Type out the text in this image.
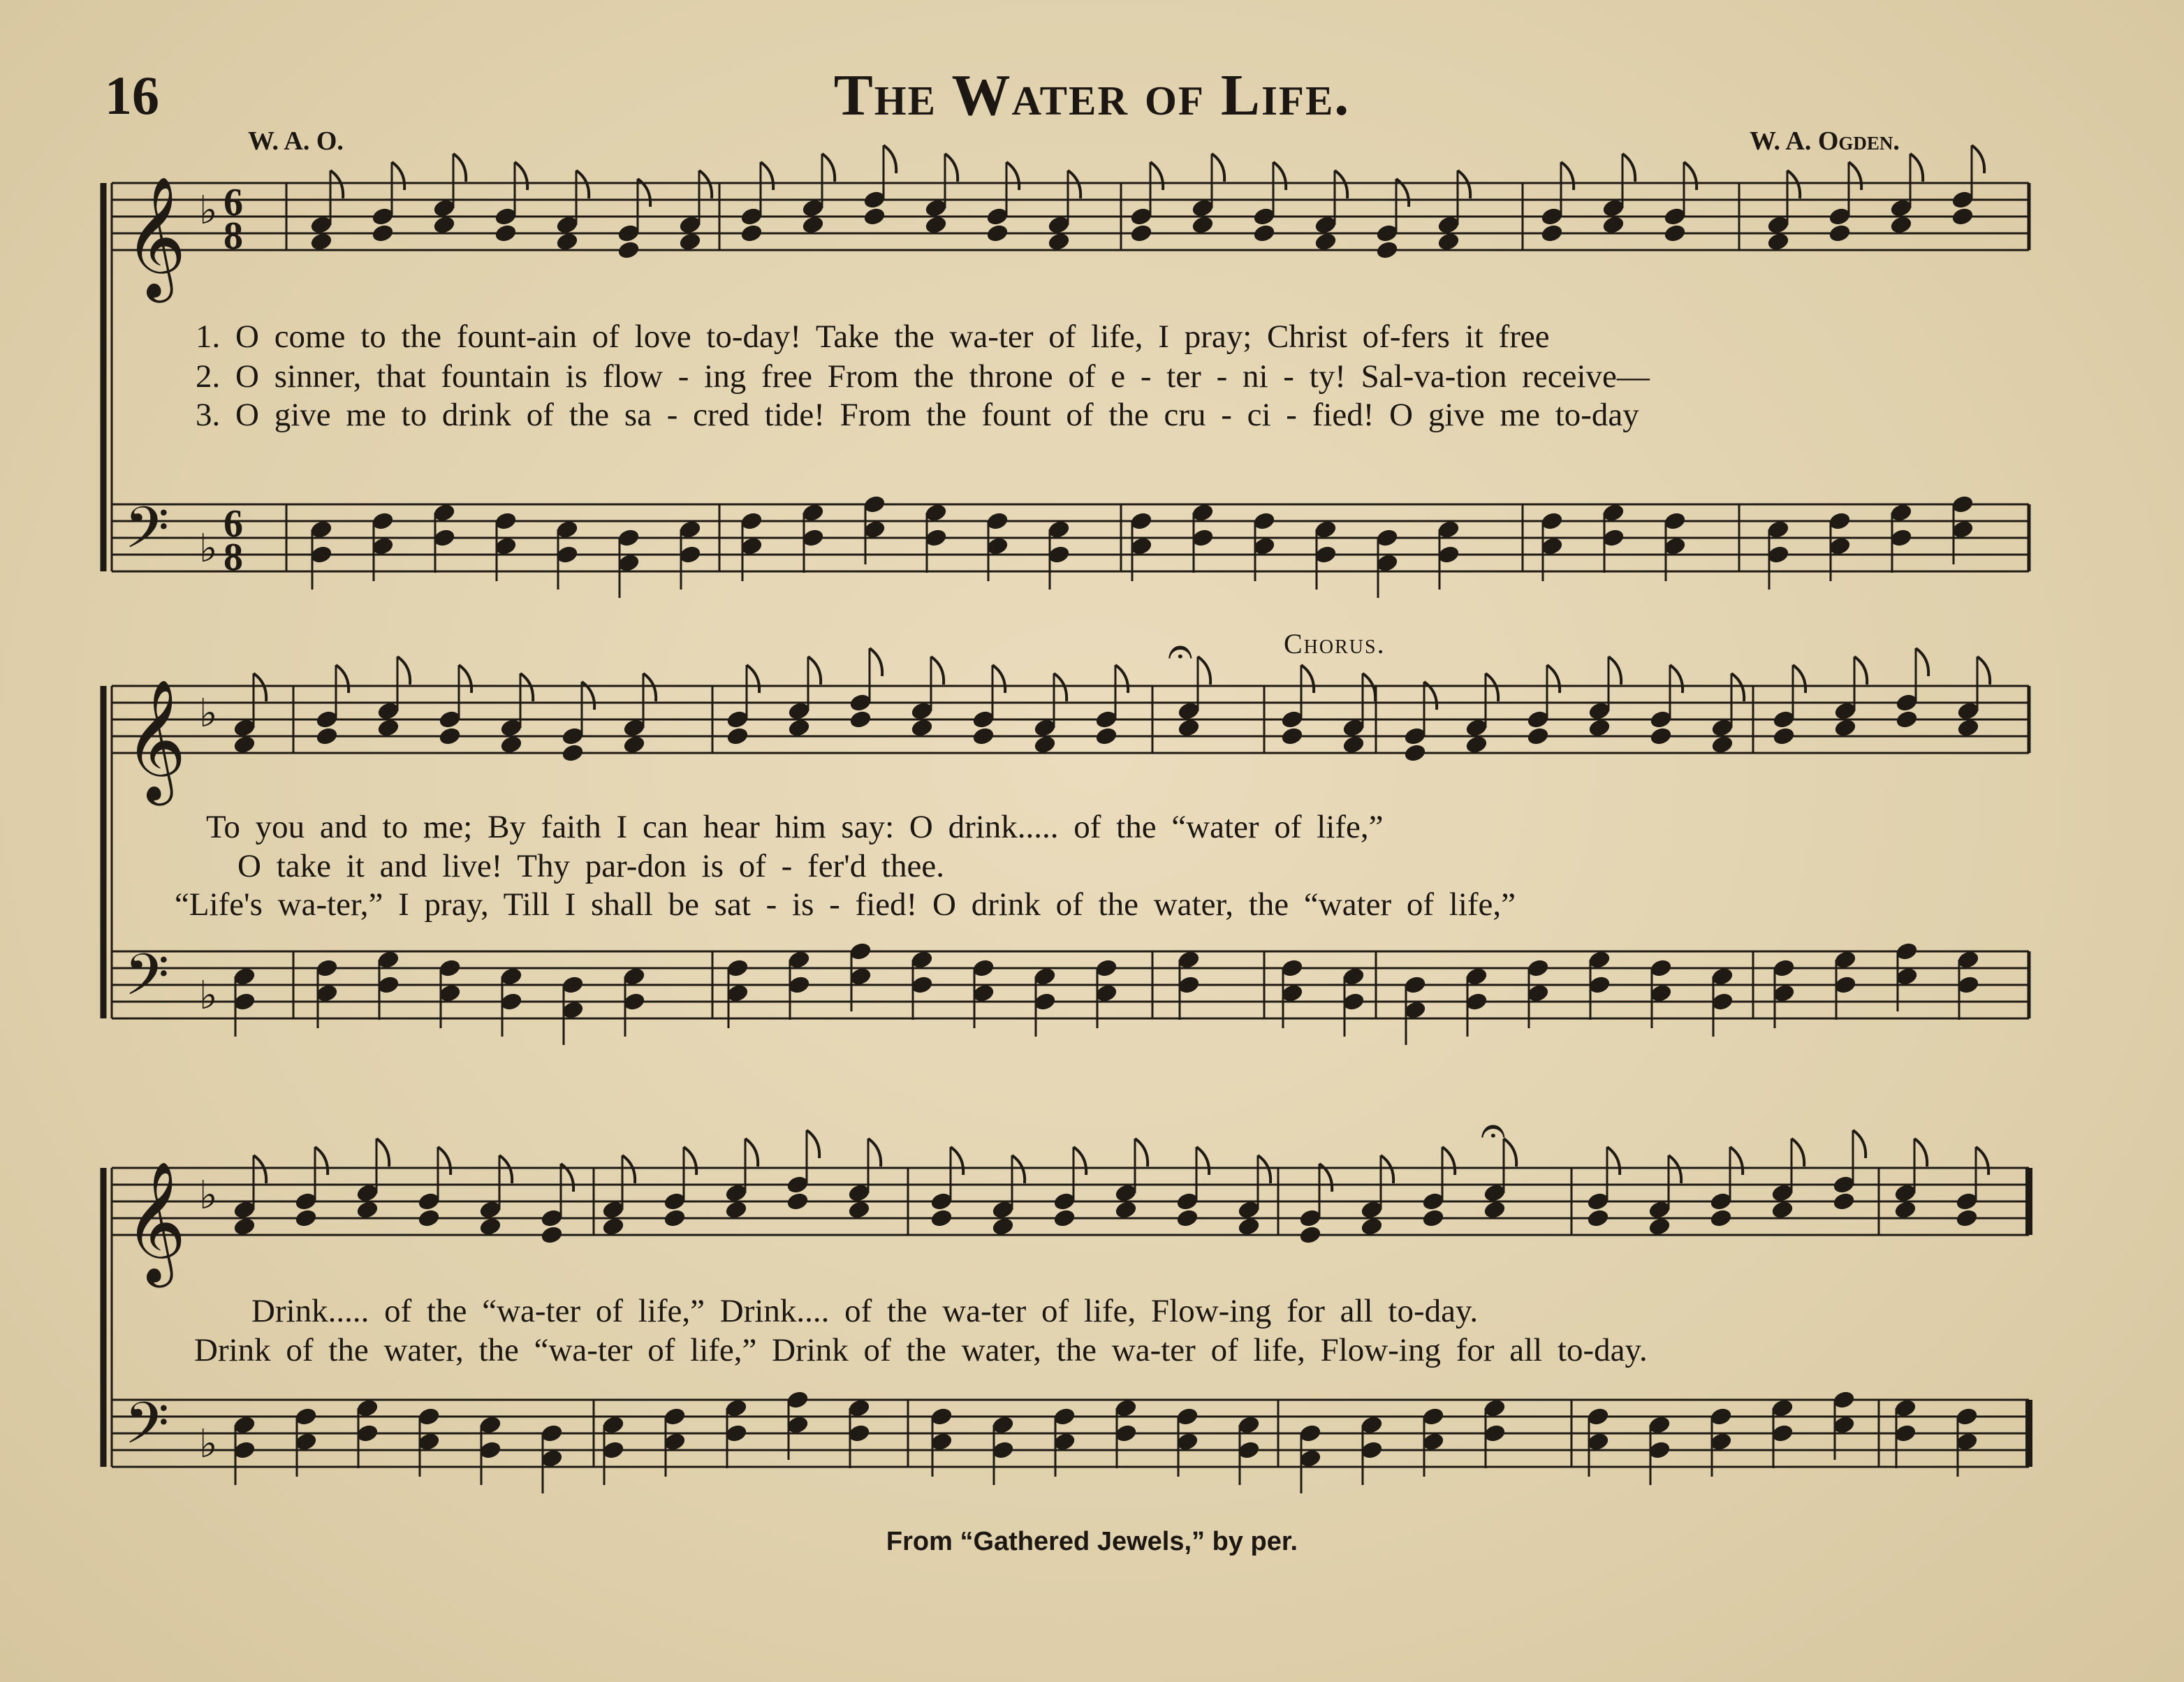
16	The Water of Life.
W. A. O.	W. A. Ogden.
Chorus.
𝄞
𝄢
♭
♭
6
8
6
8
𝄞
𝄢
♭
♭
𝄞
𝄢
♭
♭
𝄐
𝄐
1. O come to the fount-ain of love to-day! Take the wa-ter of life, I pray; Christ of-fers it free
2. O sinner, that fountain is flow - ing free From the throne of e - ter - ni - ty! Sal-va-tion receive—
3. O give me to drink of the sa - cred tide! From the fount of the cru - ci - fied! O give me to-day
To you and to me; By faith I can hear him say: O drink..... of the “water of life,”
O take it and live! Thy par-don is of - fer'd thee.
“Life's wa-ter,” I pray, Till I shall be sat - is - fied! O drink of the water, the “water of life,”
Drink..... of the “wa-ter of life,” Drink.... of the wa-ter of life, Flow-ing for all to-day.
Drink of the water, the “wa-ter of life,” Drink of the water, the wa-ter of life, Flow-ing for all to-day.
From “Gathered Jewels,” by per.
